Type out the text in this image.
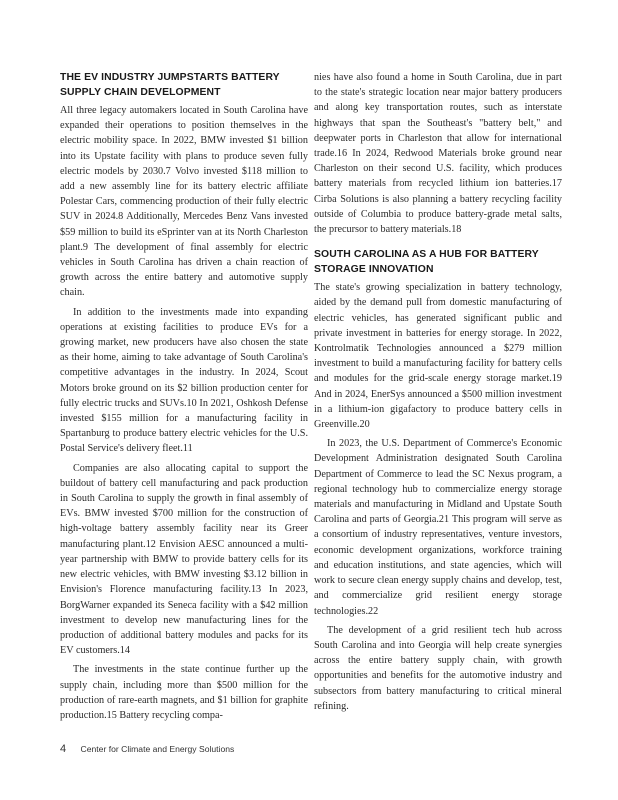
THE EV INDUSTRY JUMPSTARTS BATTERY SUPPLY CHAIN DEVELOPMENT

All three legacy automakers located in South Carolina have expanded their operations to position themselves in the electric mobility space. In 2022, BMW invested $1 billion into its Upstate facility with plans to produce seven fully electric models by 2030.7 Volvo invested $118 million to add a new assembly line for its battery electric affiliate Polestar Cars, commencing production of their fully electric SUV in 2024.8 Additionally, Mercedes Benz Vans invested $59 million to build its eSprinter van at its North Charleston plant.9 The development of final assembly for electric vehicles in South Carolina has driven a chain reaction of growth across the entire battery and automotive supply chain.

In addition to the investments made into expanding operations at existing facilities to produce EVs for a growing market, new producers have also chosen the state as their home, aiming to take advantage of South Carolina's competitive advantages in the industry. In 2024, Scout Motors broke ground on its $2 billion production center for fully electric trucks and SUVs.10 In 2021, Oshkosh Defense invested $155 million for a manufacturing facility in Spartanburg to produce battery electric vehicles for the U.S. Postal Service's delivery fleet.11

Companies are also allocating capital to support the buildout of battery cell manufacturing and pack production in South Carolina to supply the growth in final assembly of EVs. BMW invested $700 million for the construction of high-voltage battery assembly facility near its Greer manufacturing plant.12 Envision AESC announced a multi-year partnership with BMW to provide battery cells for its new electric vehicles, with BMW investing $3.12 billion in Envision's Florence manufacturing facility.13 In 2023, BorgWarner expanded its Seneca facility with a $42 million investment to develop new manufacturing lines for the production of additional battery modules and packs for its EV customers.14

The investments in the state continue further up the supply chain, including more than $500 million for the production of rare-earth magnets, and $1 billion for graphite production.15 Battery recycling compa-

nies have also found a home in South Carolina, due in part to the state's strategic location near major battery producers and along key transportation routes, such as interstate highways that span the Southeast's "battery belt," and deepwater ports in Charleston that allow for international trade.16 In 2024, Redwood Materials broke ground near Charleston on their second U.S. facility, which produces battery materials from recycled lithium ion batteries.17 Cirba Solutions is also planning a battery recycling facility outside of Columbia to produce battery-grade metal salts, the precursor to battery materials.18

SOUTH CAROLINA AS A HUB FOR BATTERY STORAGE INNOVATION

The state's growing specialization in battery technology, aided by the demand pull from domestic manufacturing of electric vehicles, has generated significant public and private investment in batteries for energy storage. In 2022, Kontrolmatik Technologies announced a $279 million investment to build a manufacturing facility for battery cells and modules for the grid-scale energy storage market.19 And in 2024, EnerSys announced a $500 million investment in a lithium-ion gigafactory to produce battery cells in Greenville.20

In 2023, the U.S. Department of Commerce's Economic Development Administration designated South Carolina Department of Commerce to lead the SC Nexus program, a regional technology hub to commercialize energy storage materials and manufacturing in Midland and Upstate South Carolina and parts of Georgia.21 This program will serve as a consortium of industry representatives, venture investors, economic development organizations, workforce training and education institutions, and state agencies, which will work to secure clean energy supply chains and develop, test, and commercialize grid resilient energy storage technologies.22

The development of a grid resilient tech hub across South Carolina and into Georgia will help create synergies across the entire battery supply chain, with growth opportunities and benefits for the automotive industry and subsectors from battery manufacturing to critical mineral refining.

4 Center for Climate and Energy Solutions
